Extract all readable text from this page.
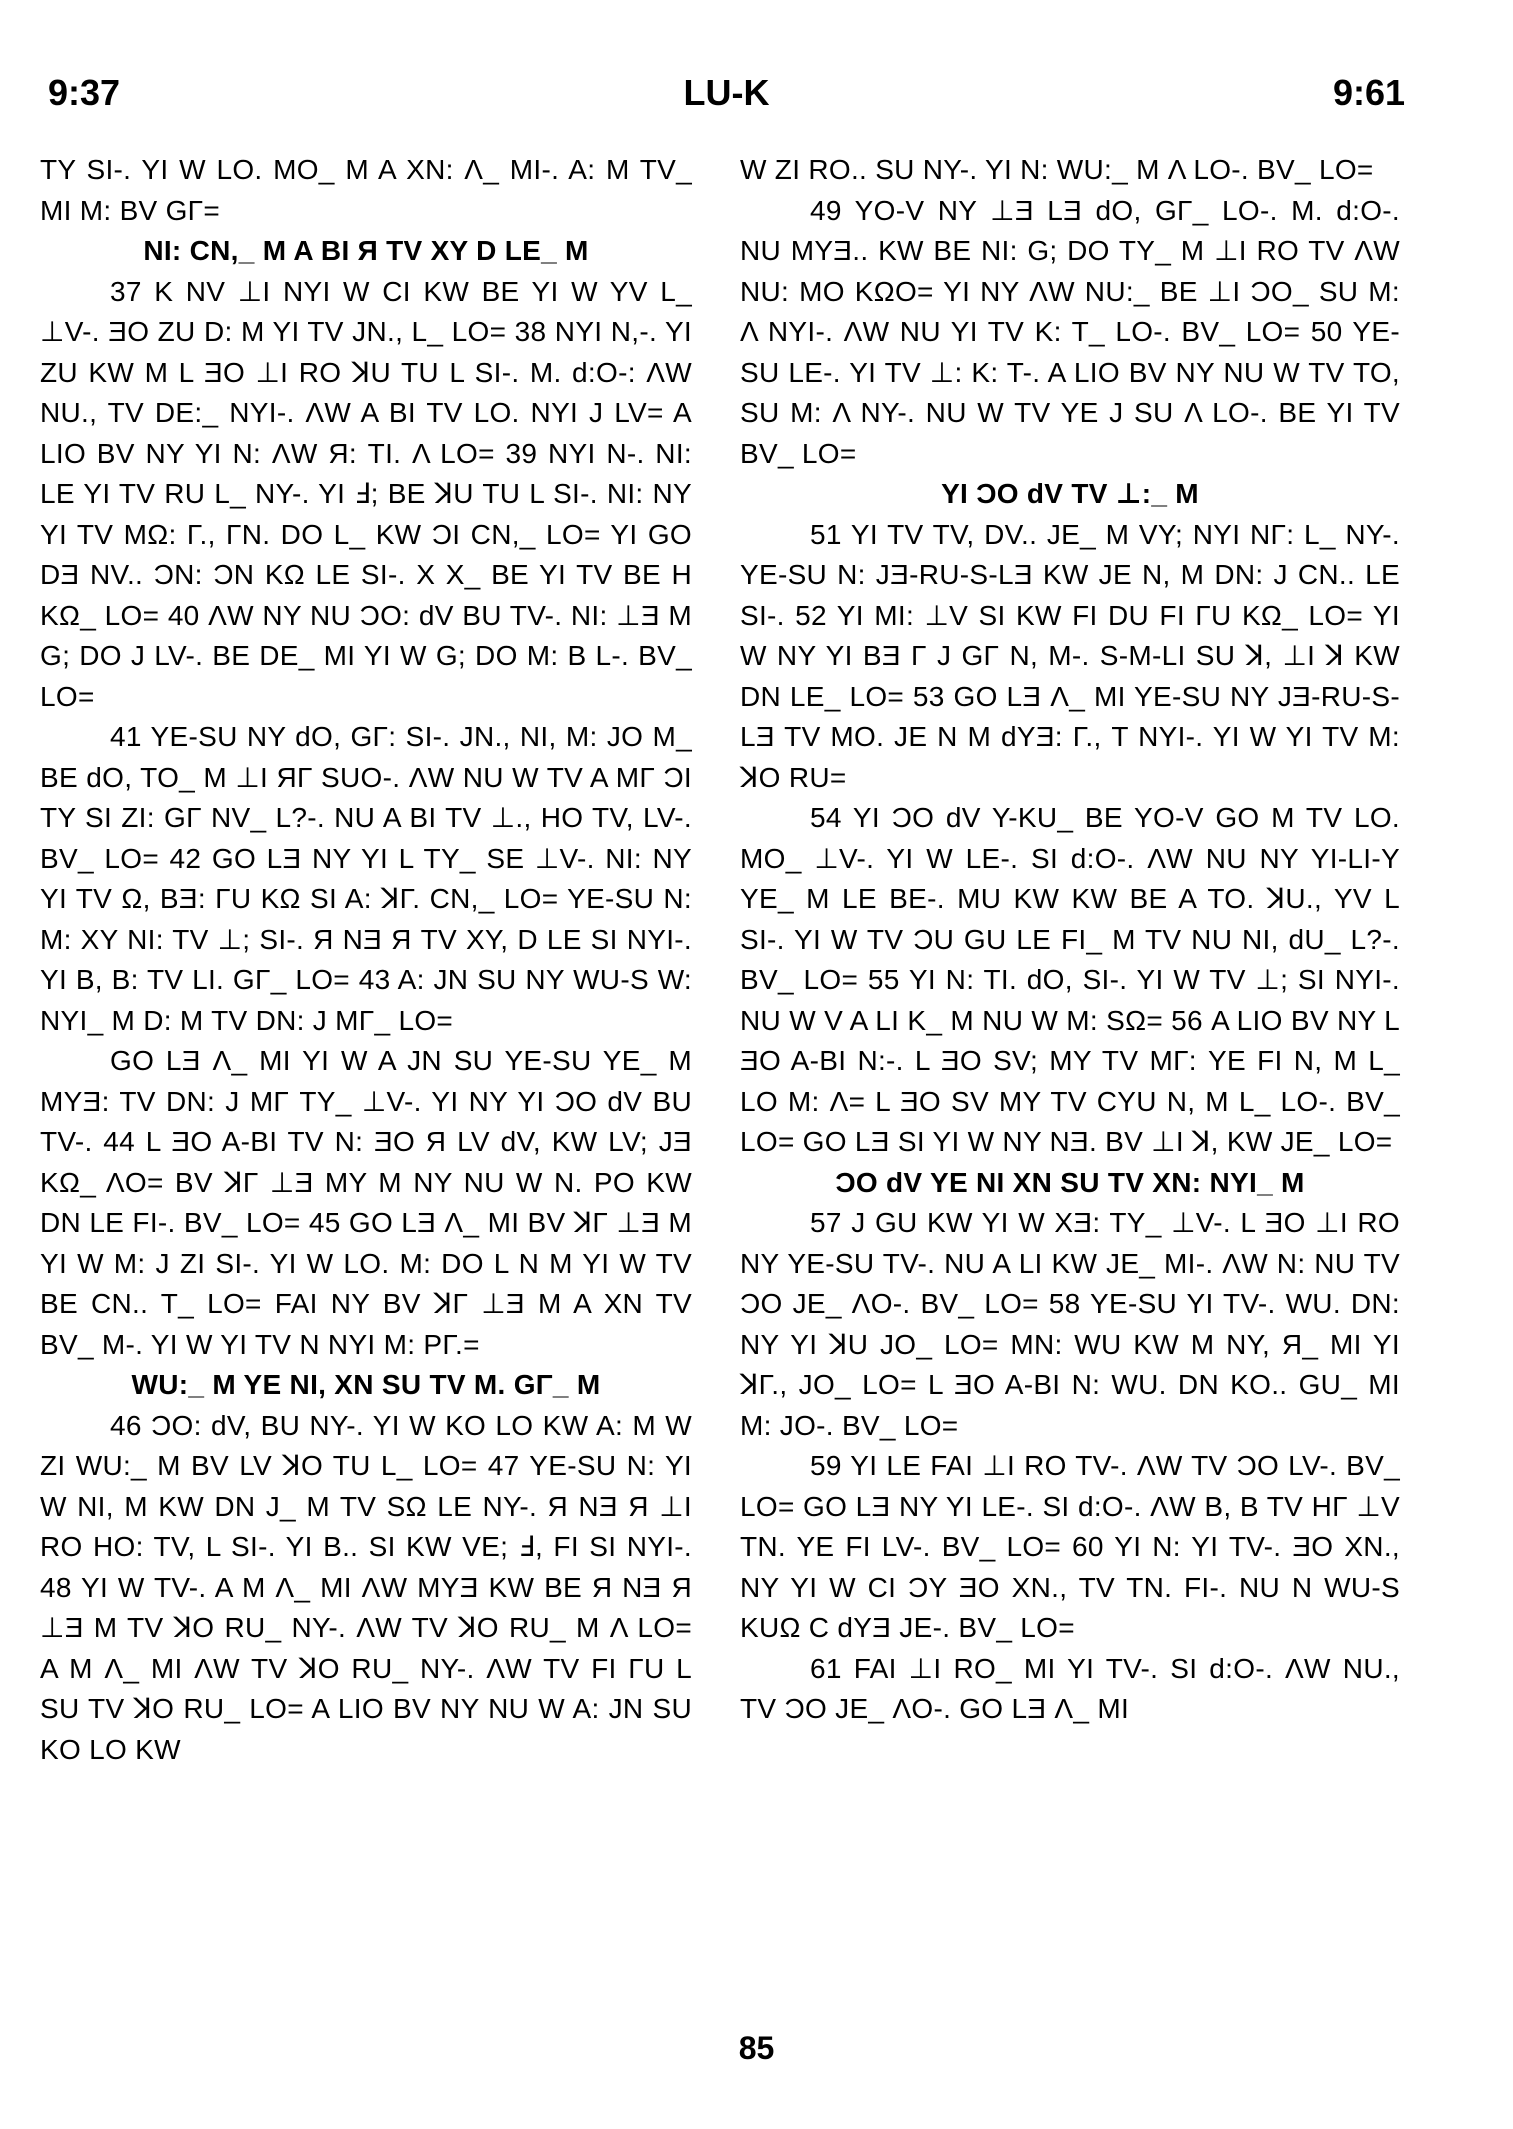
9:37	LU-K	9:61

TY SI-. YI W LO. MO_ M A XN: Λ_ MI-. A: M TV_ MI M: BV GΓ=

NI: CN,_ M A BI Я TV XY D LE_ M

37 K NV ⊥I NYI W CI KW BE YI W YV L_ ⊥V-. ƎO ZU D: M YI TV JN., L_ LO= 38 NYI N,-. YI ZU KW M L ƎO ⊥I RO ꓘU TU L SI-. M. d:O-: ΛW NU., TV DE:_ NYI-. ΛW A BI TV LO. NYI J LV= A LIO BV NY YI N: ΛW Я: TI. Λ LO= 39 NYI N-. NI: LE YI TV RU L_ NY-. YI Ⅎ; BE ꓘU TU L SI-. NI: NY YI TV MΩ: Γ., ΓN. DO L_ KW ƆI CN,_ LO= YI GO DƎ NV.. ƆN: ƆN KΩ LE SI-. X X_ BE YI TV BE H KΩ_ LO= 40 ΛW NY NU ƆO: dV BU TV-. NI: ⊥Ǝ M G; DO J LV-. BE DE_ MI YI W G; DO M: B L-. BV_ LO=

41 YE-SU NY dO, GΓ: SI-. JN., NI, M: JO M_ BE dO, TO_ M ⊥I ЯΓ SUO-. ΛW NU W TV A MΓ ƆI TY SI ZI: GΓ NV_ L?-. NU A BI TV ⊥., HO TV, LV-. BV_ LO= 42 GO LƎ NY YI L TY_ SE ⊥V-. NI: NY YI TV Ω, BƎ: ΓU KΩ SI A: ꓘΓ. CN,_ LO= YE-SU N: M: XY NI: TV ⊥; SI-. Я NƎ Я TV XY, D LE SI NYI-. YI B, B: TV LI. GΓ_ LO= 43 A: JN SU NY WU-S W: NYI_ M D: M TV DN: J MΓ_ LO=

GO LƎ Λ_ MI YI W A JN SU YE-SU YE_ M MYƎ: TV DN: J MΓ TY_ ⊥V-. YI NY YI ƆO dV BU TV-. 44 L ƎO A-BI TV N: ƎO Я LV dV, KW LV; JƎ KΩ_ ΛO= BV ꓘΓ ⊥Ǝ MY M NY NU W N. PO KW DN LE FI-. BV_ LO= 45 GO LƎ Λ_ MI BV ꓘΓ ⊥Ǝ M YI W M: J ZI SI-. YI W LO. M: DO L N M YI W TV BE CN.. T_ LO= FAI NY BV ꓘΓ ⊥Ǝ M A XN TV BV_ M-. YI W YI TV N NYI M: PΓ.=

WU:_ M YE NI, XN SU TV M. GΓ_ M

46 ƆO: dV, BU NY-. YI W KO LO KW A: M W ZI WU:_ M BV LV ꓘO TU L_ LO= 47 YE-SU N: YI W NI, M KW DN J_ M TV SΩ LE NY-. Я NƎ Я ⊥I RO HO: TV, L SI-. YI B.. SI KW VE; Ⅎ, FI SI NYI-. 48 YI W TV-. A M Λ_ MI ΛW MYƎ KW BE Я NƎ Я ⊥Ǝ M TV ꓘO RU_ NY-. ΛW TV ꓘO RU_ M Λ LO= A M Λ_ MI ΛW TV ꓘO RU_ NY-. ΛW TV FI ΓU L SU TV ꓘO RU_ LO= A LIO BV NY NU W A: JN SU KO LO KW

W ZI RO.. SU NY-. YI N: WU:_ M Λ LO-. BV_ LO=

49 YO-V NY ⊥Ǝ LƎ dO, GΓ_ LO-. M. d:O-. NU MYƎ.. KW BE NI: G; DO TY_ M ⊥I RO TV ΛW NU: MO KΩO= YI NY ΛW NU:_ BE ⊥I ƆO_ SU M: Λ NYI-. ΛW NU YI TV K: T_ LO-. BV_ LO= 50 YE-SU LE-. YI TV ⊥: K: T-. A LIO BV NY NU W TV TO, SU M: Λ NY-. NU W TV YE J SU Λ LO-. BE YI TV BV_ LO=

YI ƆO dV TV ⊥:_ M

51 YI TV TV, DV.. JE_ M VY; NYI NΓ: L_ NY-. YE-SU N: JƎ-RU-S-LƎ KW JE N, M DN: J CN.. LE SI-. 52 YI MI: ⊥V SI KW FI DU FI ΓU KΩ_ LO= YI W NY YI BƎ Γ J GΓ N, M-. S-M-LI SU ꓘ, ⊥I ꓘ KW DN LE_ LO= 53 GO LƎ Λ_ MI YE-SU NY JƎ-RU-S-LƎ TV MO. JE N M dYƎ: Γ., T NYI-. YI W YI TV M: ꓘO RU=

54 YI ƆO dV Y-KU_ BE YO-V GO M TV LO. MO_ ⊥V-. YI W LE-. SI d:O-. ΛW NU NY YI-LI-Y YE_ M LE BE-. MU KW KW BE A TO. ꓘU., YV L SI-. YI W TV ƆU GU LE FI_ M TV NU NI, dU_ L?-. BV_ LO= 55 YI N: TI. dO, SI-. YI W TV ⊥; SI NYI-. NU W V A LI K_ M NU W M: SΩ= 56 A LIO BV NY L ƎO A-BI N:-. L ƎO SV; MY TV MΓ: YE FI N, M L_ LO M: Λ= L ƎO SV MY TV CYU N, M L_ LO-. BV_ LO= GO LƎ SI YI W NY NƎ. BV ⊥I ꓘ, KW JE_ LO=

ƆO dV YE NI XN SU TV XN: NYI_ M

57 J GU KW YI W XƎ: TY_ ⊥V-. L ƎO ⊥I RO NY YE-SU TV-. NU A LI KW JE_ MI-. ΛW N: NU TV ƆO JE_ ΛO-. BV_ LO= 58 YE-SU YI TV-. WU. DN: NY YI ꓘU JO_ LO= MN: WU KW M NY, Я_ MI YI ꓘΓ., JO_ LO= L ƎO A-BI N: WU. DN KO.. GU_ MI M: JO-. BV_ LO=

59 YI LE FAI ⊥I RO TV-. ΛW TV ƆO LV-. BV_ LO= GO LƎ NY YI LE-. SI d:O-. ΛW B, B TV HΓ ⊥V TN. YE FI LV-. BV_ LO= 60 YI N: YI TV-. ƎO XN., NY YI W CI ƆY ƎO XN., TV TN. FI-. NU N WU-S KUΩ C dYƎ JE-. BV_ LO=

61 FAI ⊥I RO_ MI YI TV-. SI d:O-. ΛW NU., TV ƆO JE_ ΛO-. GO LƎ Λ_ MI

85
